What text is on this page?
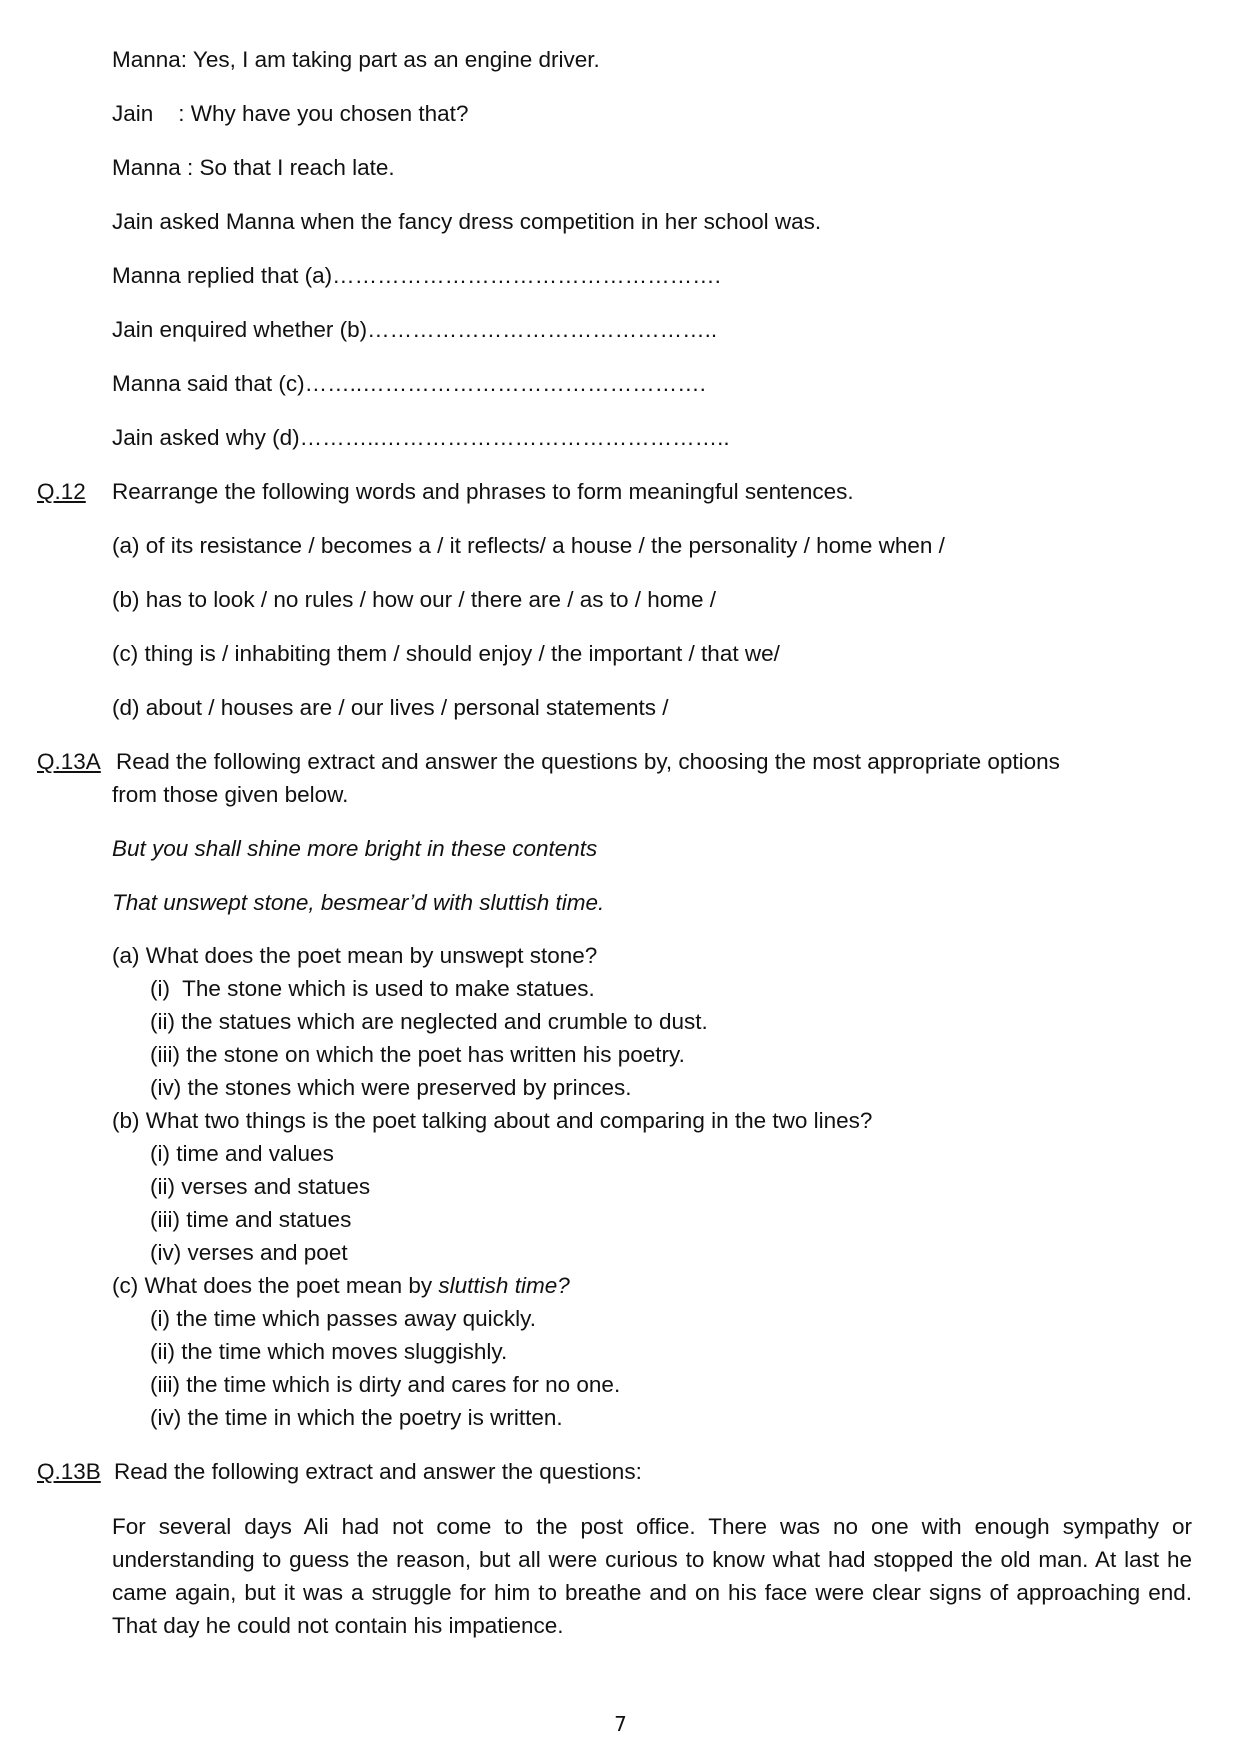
Manna: Yes, I am taking part as an engine driver.
Jain    : Why have you chosen that?
Manna : So that I reach late.
Jain asked Manna when the fancy dress competition in her school was.
Manna replied that (a)…………………………………………….
Jain enquired whether (b)………………………………………..
Manna said that (c)……..……………………………………….
Jain asked why (d)………..………………………………………..
Q.12 Rearrange the following words and phrases to form meaningful sentences.
(a) of its resistance / becomes a / it reflects/ a house / the personality / home when /
(b) has to look / no rules / how our / there are / as to / home /
(c) thing is / inhabiting them / should enjoy / the important / that we/
(d) about / houses are / our lives / personal statements /
Q.13A Read the following extract and answer the questions by, choosing the most appropriate options
from those given below.
But you shall shine more bright in these contents
That unswept stone, besmear’d with sluttish time.
(a) What does the poet mean by unswept stone?
(i)  The stone which is used to make statues.
(ii) the statues which are neglected and crumble to dust.
(iii) the stone on which the poet has written his poetry.
(iv) the stones which were preserved by princes.
(b) What two things is the poet talking about and comparing in the two lines?
(i) time and values
(ii) verses and statues
(iii) time and statues
(iv) verses and poet
(c) What does the poet mean by sluttish time?
(i) the time which passes away quickly.
(ii) the time which moves sluggishly.
(iii) the time which is dirty and cares for no one.
(iv) the time in which the poetry is written.
Q.13B Read the following extract and answer the questions:
For several days Ali had not come to the post office. There was no one with enough sympathy or understanding to guess the reason, but all were curious to know what had stopped the old man. At last he came again, but it was a struggle for him to breathe and on his face were clear signs of approaching end. That day he could not contain his impatience.
7
